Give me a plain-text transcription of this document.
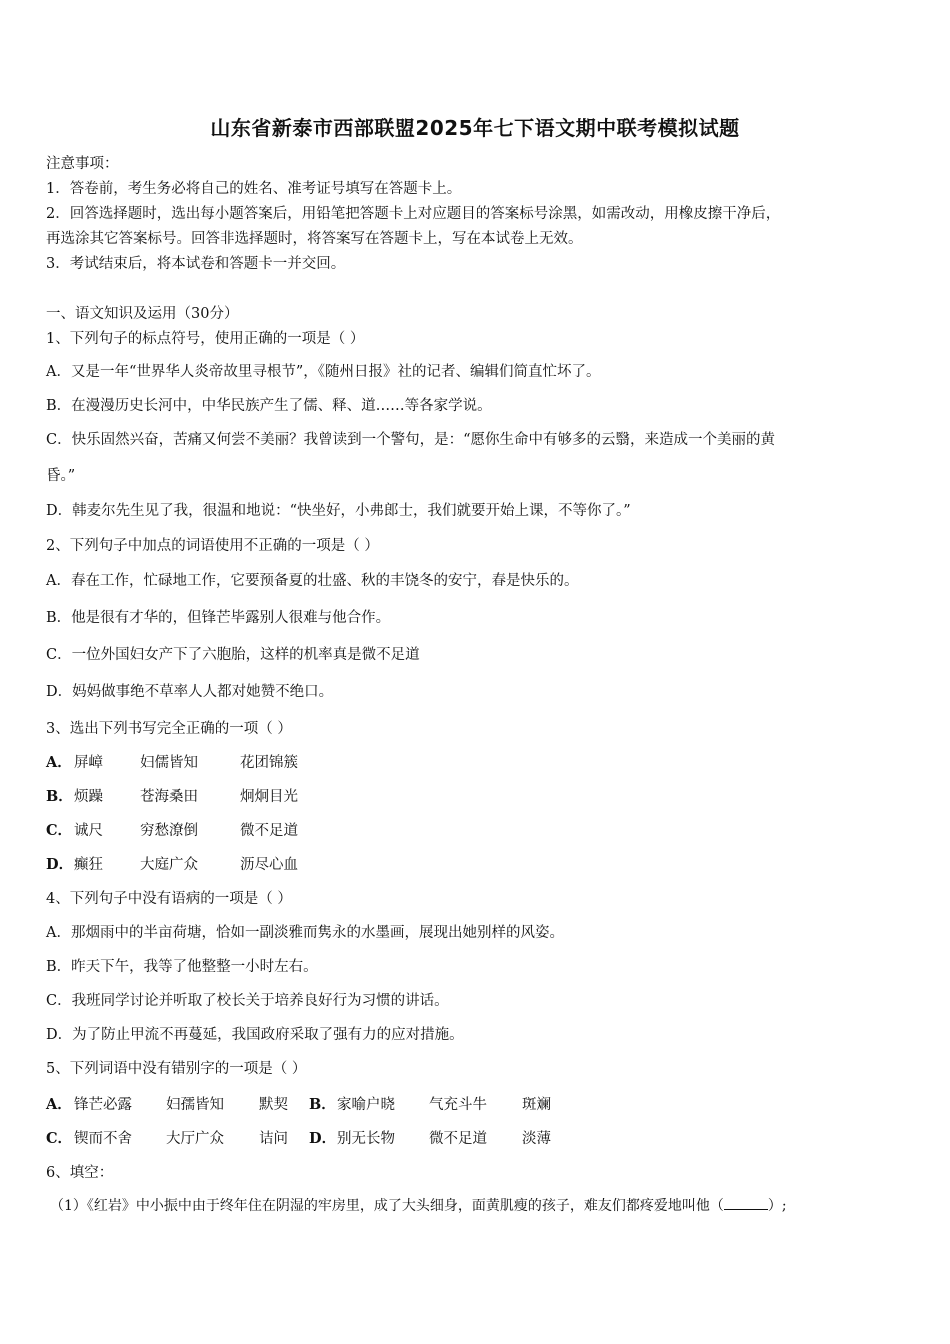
山东省新泰市西部联盟2025年七下语文期中联考模拟试题
注意事项：
1．答卷前，考生务必将自己的姓名、准考证号填写在答题卡上。
2．回答选择题时，选出每小题答案后，用铅笔把答题卡上对应题目的答案标号涂黑，如需改动，用橡皮擦干净后，
再选涂其它答案标号。回答非选择题时，将答案写在答题卡上，写在本试卷上无效。
3．考试结束后，将本试卷和答题卡一并交回。
一、语文知识及运用（30分）
1、下列句子的标点符号，使用正确的一项是（ ）
A．又是一年“世界华人炎帝故里寻根节”，《随州日报》社的记者、编辑们简直忙坏了。
B．在漫漫历史长河中，中华民族产生了儒、释、道……等各家学说。
C．快乐固然兴奋，苦痛又何尝不美丽？我曾读到一个警句，是：“愿你生命中有够多的云翳，来造成一个美丽的黄
昏。”
D．韩麦尔先生见了我，很温和地说：“快坐好，小弗郎士，我们就要开始上课，不等你了。”
2、下列句子中加点的词语使用不正确的一项是（ ）
A．春在工作，忙碌地工作，它要预备夏的壮盛、秋的丰饶冬的安宁，春是快乐的。
B．他是很有才华的，但锋芒毕露别人很难与他合作。
C．一位外国妇女产下了六胞胎，这样的机率真是微不足道
D．妈妈做事绝不草率人人都对她赞不绝口。
3、选出下列书写完全正确的一项（ ）
A． 屏嶂	妇儒皆知	花团锦簇
B．烦躁	苍海桑田	炯炯目光
C． 诚尺	穷愁潦倒	微不足道
D．癫狂	大庭广众	沥尽心血
4、下列句子中没有语病的一项是（ ）
A．那烟雨中的半亩荷塘，恰如一副淡雅而隽永的水墨画，展现出她别样的风姿。
B．昨天下午，我等了他整整一小时左右。
C．我班同学讨论并听取了校长关于培养良好行为习惯的讲话。
D．为了防止甲流不再蔓延，我国政府采取了强有力的应对措施。
5、下列词语中没有错别字的一项是（ ）
A． 锋芒必露 妇孺皆知 默契 B．家喻户晓 气充斗牛 斑斓
C． 锲而不舍 大厅广众 诘问 D．别无长物 微不足道 淡薄
6、填空：
（1）《红岩》中小振中由于终年住在阴湿的牢房里，成了大头细身，面黄肌瘦的孩子，难友们都疼爱地叫他（	）;
